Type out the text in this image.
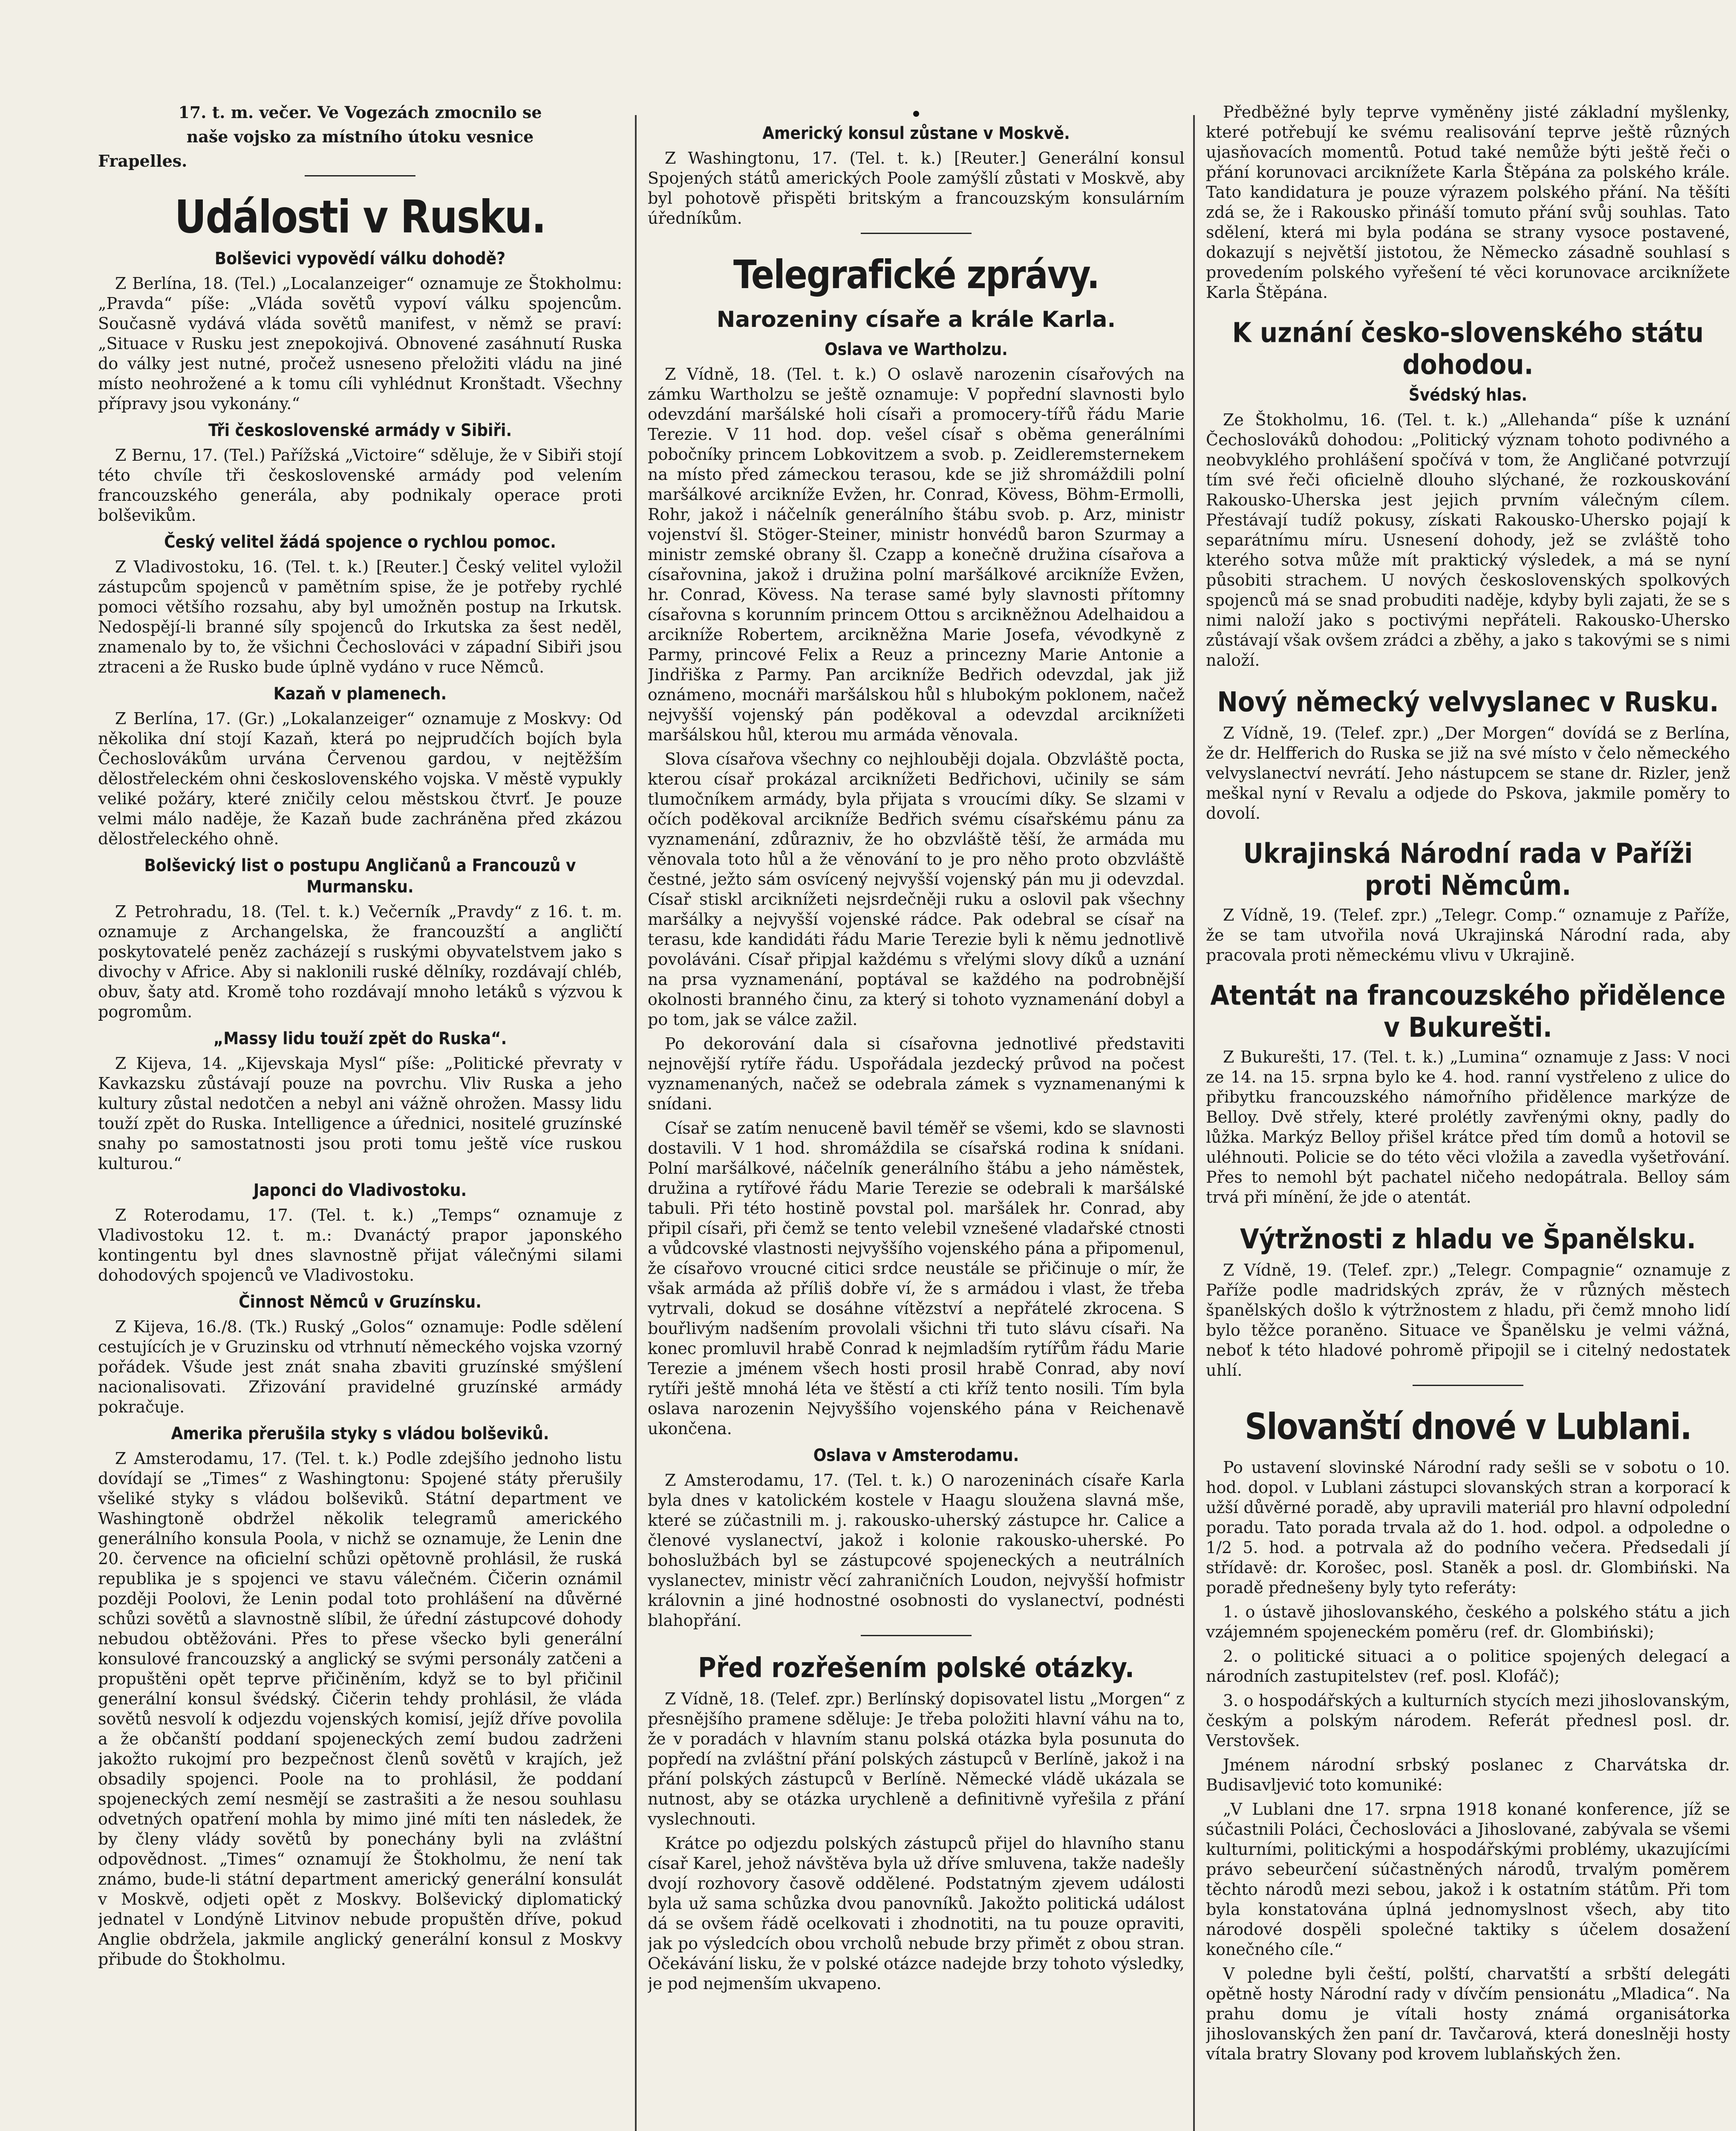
17. t. m. večer. Ve Vogezách zmocnilo se

naše vojsko za místního útoku vesnice

Frapelles.

Události v Rusku.
Bolševici vypovědí válku dohodě?

Z Berlína, 18. (Tel.) „Localanzeiger“ oznamuje ze Štokholmu: „Pravda“ píše: „Vláda sovětů vypoví válku spojencům. Současně vydává vláda sovětů manifest, v němž se praví: „Situace v Rusku jest znepokojivá. Obnovené zasáhnutí Ruska do války jest nutné, pročež usneseno přeložiti vládu na jiné místo neohrožené a k tomu cíli vyhlédnut Kronštadt. Všechny přípravy jsou vykonány.“

Tři československé armády v Sibiři.

Z Bernu, 17. (Tel.) Pařížská „Victoire“ sděluje, že v Sibiři stojí této chvíle tři československé armády pod velením francouzského generála, aby podnikaly operace proti bolševikům.

Český velitel žádá spojence o rychlou pomoc.

Z Vladivostoku, 16. (Tel. t. k.) [Reuter.] Český velitel vyložil zástupcům spojenců v pamětním spise, že je potřeby rychlé pomoci většího rozsahu, aby byl umožněn postup na Irkutsk. Nedospějí-li branné síly spojenců do Irkutska za šest neděl, znamenalo by to, že všichni Čechoslováci v západní Sibiři jsou ztraceni a že Rusko bude úplně vydáno v ruce Němců.

Kazaň v plamenech.

Z Berlína, 17. (Gr.) „Lokalanzeiger“ oznamuje z Moskvy: Od několika dní stojí Kazaň, která po nejprudčích bojích byla Čechoslovákům urvána Červenou gardou, v nejtěžším dělostřeleckém ohni československého vojska. V městě vypukly veliké požáry, které zničily celou městskou čtvrť. Je pouze velmi málo naděje, že Kazaň bude zachráněna před zkázou dělostřeleckého ohně.

Bolševický list o postupu Angličanů a Francouzů v Murmansku.

Z Petrohradu, 18. (Tel. t. k.) Večerník „Pravdy“ z 16. t. m. oznamuje z Archangelska, že francouzští a angličtí poskytovatelé peněz zacházejí s ruskými obyvatelstvem jako s divochy v Africe. Aby si naklonili ruské dělníky, rozdávají chléb, obuv, šaty atd. Kromě toho rozdávají mnoho letáků s výzvou k pogromům.

„Massy lidu touží zpět do Ruska“.

Z Kijeva, 14. „Kijevskaja Mysl“ píše: „Politické převraty v Kavkazsku zůstávají pouze na povrchu. Vliv Ruska a jeho kultury zůstal nedotčen a nebyl ani vážně ohrožen. Massy lidu touží zpět do Ruska. Intelligence a úřednici, nositelé gruzínské snahy po samostatnosti jsou proti tomu ještě více ruskou kulturou.“

Japonci do Vladivostoku.

Z Roterodamu, 17. (Tel. t. k.) „Temps“ oznamuje z Vladivostoku 12. t. m.: Dvanáctý prapor japonského kontingentu byl dnes slavnostně přijat válečnými silami dohodových spojenců ve Vladivostoku.

Činnost Němců v Gruzínsku.

Z Kijeva, 16./8. (Tk.) Ruský „Golos“ oznamuje: Podle sdělení cestujících je v Gruzinsku od vtrhnutí německého vojska vzorný pořádek. Všude jest znát snaha zbaviti gruzínské smýšlení nacionalisovati. Zřizování pravidelné gruzínské armády pokračuje.

Amerika přerušila styky s vládou bolševiků.

Z Amsterodamu, 17. (Tel. t. k.) Podle zdejšího jednoho listu dovídají se „Times“ z Washingtonu: Spojené státy přerušily všeliké styky s vládou bolševiků. Státní department ve Washingtoně obdržel několik telegramů amerického generálního konsula Poola, v nichž se oznamuje, že Lenin dne 20. července na oficielní schůzi opětovně prohlásil, že ruská republika je s spojenci ve stavu válečném. Čičerin oznámil později Poolovi, že Lenin podal toto prohlášení na důvěrné schůzi sovětů a slavnostně slíbil, že úřední zástupcové dohody nebudou obtěžováni. Přes to přese všecko byli generální konsulové francouzský a anglický se svými personály zatčeni a propuštěni opět teprve přičiněním, když se to byl přičinil generální konsul švédský. Čičerin tehdy prohlásil, že vláda sovětů nesvolí k odjezdu vojenských komisí, jejíž dříve povolila a že občanští poddaní spojeneckých zemí budou zadrženi jakožto rukojmí pro bezpečnost členů sovětů v krajích, jež obsadily spojenci. Poole na to prohlásil, že poddaní spojeneckých zemí nesmějí se zastrašiti a že nesou souhlasu odvetných opatření mohla by mimo jiné míti ten následek, že by členy vlády sovětů by ponechány byli na zvláštní odpovědnost. „Times“ oznamují že Štokholmu, že není tak známo, bude-li státní department americký generální konsulát v Moskvě, odjeti opět z Moskvy. Bolševický diplomatický jednatel v Londýně Litvinov nebude propuštěn dříve, pokud Anglie obdržela, jakmile anglický generální konsul z Moskvy přibude do Štokholmu.

Americký konsul zůstane v Moskvě.

Z Washingtonu, 17. (Tel. t. k.) [Reuter.] Generální konsul Spojených států amerických Poole zamýšlí zůstati v Moskvě, aby byl pohotově přispěti britským a francouzským konsulárním úředníkům.

Telegrafické zprávy.
Narozeniny císaře a krále Karla.
Oslava ve Wartholzu.

Z Vídně, 18. (Tel. t. k.) O oslavě narozenin císařových na zámku Wartholzu se ještě oznamuje: V popřední slavnosti bylo odevzdání maršálské holi císaři a promocery-tířů řádu Marie Terezie. V 11 hod. dop. vešel císař s oběma generálními pobočníky princem Lobkovitzem a svob. p. Zeidleremsternekem na místo před zámeckou terasou, kde se již shromáždili polní maršálkové arcikníže Evžen, hr. Conrad, Kövess, Böhm-Ermolli, Rohr, jakož i náčelník generálního štábu svob. p. Arz, ministr vojenství šl. Stöger-Steiner, ministr honvédů baron Szurmay a ministr zemské obrany šl. Czapp a konečně družina císařova a císařovnina, jakož i družina polní maršálkové arcikníže Evžen, hr. Conrad, Kövess. Na terase samé byly slavnosti přítomny císařovna s korunním princem Ottou s arcikněžnou Adelhaidou a arcikníže Robertem, arcikněžna Marie Josefa, vévodkyně z Parmy, princové Felix a Reuz a princezny Marie Antonie a Jindřiška z Parmy. Pan arcikníže Bedřich odevzdal, jak již oznámeno, mocnáři maršálskou hůl s hlubokým poklonem, načež nejvyšší vojenský pán poděkoval a odevzdal arciknížeti maršálskou hůl, kterou mu armáda věnovala.

Slova císařova všechny co nejhlouběji dojala. Obzvláště pocta, kterou císař prokázal arciknížeti Bedřichovi, učinily se sám tlumočníkem armády, byla přijata s vroucími díky. Se slzami v očích poděkoval arcikníže Bedřich svému císařskému pánu za vyznamenání, zdůrazniv, že ho obzvláště těší, že armáda mu věnovala toto hůl a že věnování to je pro něho proto obzvláště čestné, ježto sám osvícený nejvyšší vojenský pán mu ji odevzdal. Císař stiskl arciknížeti nejsrdečněji ruku a oslovil pak všechny maršálky a nejvyšší vojenské rádce. Pak odebral se císař na terasu, kde kandidáti řádu Marie Terezie byli k němu jednotlivě povoláváni. Císař připjal každému s vřelými slovy díků a uznání na prsa vyznamenání, poptával se každého na podrobnější okolnosti branného činu, za který si tohoto vyznamenání dobyl a po tom, jak se válce zažil.

Po dekorování dala si císařovna jednotlivé představiti nejnovější rytíře řádu. Uspořádala jezdecký průvod na počest vyznamenaných, načež se odebrala zámek s vyznamenanými k snídani.

Císař se zatím nenuceně bavil téměř se všemi, kdo se slavnosti dostavili. V 1 hod. shromáždila se císařská rodina k snídani. Polní maršálkové, náčelník generálního štábu a jeho náměstek, družina a rytířové řádu Marie Terezie se odebrali k maršálské tabuli. Při této hostině povstal pol. maršálek hr. Conrad, aby připil císaři, při čemž se tento velebil vznešené vladařské ctnosti a vůdcovské vlastnosti nejvyššího vojenského pána a připomenul, že císařovo vroucné citici srdce neustále se přičinuje o mír, že však armáda až příliš dobře ví, že s armádou i vlast, že třeba vytrvali, dokud se dosáhne vítězství a nepřátelé zkrocena. S bouřlivým nadšením provolali všichni tři tuto slávu císaři. Na konec promluvil hrabě Conrad k nejmladším rytířům řádu Marie Terezie a jménem všech hosti prosil hrabě Conrad, aby noví rytíři ještě mnohá léta ve štěstí a cti kříž tento nosili. Tím byla oslava narozenin Nejvyššího vojenského pána v Reichenavě ukončena.

Oslava v Amsterodamu.

Z Amsterodamu, 17. (Tel. t. k.) O narozeninách císaře Karla byla dnes v katolickém kostele v Haagu sloužena slavná mše, které se zúčastnili m. j. rakousko-uherský zástupce hr. Calice a členové vyslanectví, jakož i kolonie rakousko-uherské. Po bohoslužbách byl se zástupcové spojeneckých a neutrálních vyslanectev, ministr věcí zahraničních Loudon, nejvyšší hofmistr královnin a jiné hodnostné osobnosti do vyslanectví, podnésti blahopřání.

Před rozřešením polské otázky.

Z Vídně, 18. (Telef. zpr.) Berlínský dopisovatel listu „Morgen“ z přesnějšího pramene sděluje: Je třeba položiti hlavní váhu na to, že v poradách v hlavním stanu polská otázka byla posunuta do popředí na zvláštní přání polských zástupců v Berlíně, jakož i na přání polských zástupců v Berlíně. Německé vládě ukázala se nutnost, aby se otázka urychleně a definitivně vyřešila z přání vyslechnouti.

Krátce po odjezdu polských zástupců přijel do hlavního stanu císař Karel, jehož návštěva byla už dříve smluvena, takže nadešly dvojí rozhovory časově oddělené. Podstatným zjevem události byla už sama schůzka dvou panovníků. Jakožto politická událost dá se ovšem řádě ocelkovati i zhodnotiti, na tu pouze opraviti, jak po výsledcích obou vrcholů nebude brzy přimět z obou stran. Očekávání lisku, že v polské otázce nadejde brzy tohoto výsledky, je pod nejmenším ukvapeno.

Předběžné byly teprve vyměněny jisté základní myšlenky, které potřebují ke svému realisování teprve ještě různých ujasňovacích momentů. Potud také nemůže býti ještě řeči o přání korunovaci arciknížete Karla Štěpána za polského krále. Tato kandidatura je pouze výrazem polského přání. Na těšíti zdá se, že i Rakousko přináší tomuto přání svůj souhlas. Tato sdělení, která mi byla podána se strany vysoce postavené, dokazují s největší jistotou, že Německo zásadně souhlasí s provedením polského vyřešení té věci korunovace arciknížete Karla Štěpána.

K uznání česko-slovenského státu dohodou.
Švédský hlas.

Ze Štokholmu, 16. (Tel. t. k.) „Allehanda“ píše k uznání Čechoslováků dohodou: „Politický význam tohoto podivného a neobvyklého prohlášení spočívá v tom, že Angličané potvrzují tím své řeči oficielně dlouho slýchané, že rozkouskování Rakousko-Uherska jest jejich prvním válečným cílem. Přestávají tudíž pokusy, získati Rakousko-Uhersko pojají k separátnímu míru. Usnesení dohody, jež se zvláště toho kterého sotva může mít praktický výsledek, a má se nyní působiti strachem. U nových československých spolkových spojenců má se snad probuditi naděje, kdyby byli zajati, že se s nimi naloží jako s poctivými nepřáteli. Rakousko-Uhersko zůstávají však ovšem zrádci a zběhy, a jako s takovými se s nimi naloží.

Nový německý velvyslanec v Rusku.

Z Vídně, 19. (Telef. zpr.) „Der Morgen“ dovídá se z Berlína, že dr. Helfferich do Ruska se již na své místo v čelo německého velvyslanectví nevrátí. Jeho nástupcem se stane dr. Rizler, jenž meškal nyní v Revalu a odjede do Pskova, jakmile poměry to dovolí.

Ukrajinská Národní rada v Paříži proti Němcům.

Z Vídně, 19. (Telef. zpr.) „Telegr. Comp.“ oznamuje z Paříže, že se tam utvořila nová Ukrajinská Národní rada, aby pracovala proti německému vlivu v Ukrajině.

Atentát na francouzského přidělence v Bukurešti.

Z Bukurešti, 17. (Tel. t. k.) „Lumina“ oznamuje z Jass: V noci ze 14. na 15. srpna bylo ke 4. hod. ranní vystřeleno z ulice do přibytku francouzského námořního přidělence markýze de Belloy. Dvě střely, které prolétly zavřenými okny, padly do lůžka. Markýz Belloy přišel krátce před tím domů a hotovil se uléhnouti. Policie se do této věci vložila a zavedla vyšetřování. Přes to nemohl být pachatel ničeho nedopátrala. Belloy sám trvá při mínění, že jde o atentát.

Výtržnosti z hladu ve Španělsku.

Z Vídně, 19. (Telef. zpr.) „Telegr. Compagnie“ oznamuje z Paříže podle madridských zpráv, že v různých městech španělských došlo k výtržnostem z hladu, při čemž mnoho lidí bylo těžce poraněno. Situace ve Španělsku je velmi vážná, neboť k této hladové pohromě připojil se i citelný nedostatek uhlí.

Slovanští dnové v Lublani.

Po ustavení slovinské Národní rady sešli se v sobotu o 10. hod. dopol. v Lublani zástupci slovanských stran a korporací k užší důvěrné poradě, aby upravili materiál pro hlavní odpolední poradu. Tato porada trvala až do 1. hod. odpol. a odpoledne o 1/2 5. hod. a potrvala až do podního večera. Předsedali jí střídavě: dr. Korošec, posl. Staněk a posl. dr. Glombiński. Na poradě přednešeny byly tyto referáty:

1. o ústavě jihoslovanského, českého a polského státu a jich vzájemném spojeneckém poměru (ref. dr. Glombiński);

2. o politické situaci a o politice spojených delegací a národních zastupitelstev (ref. posl. Klofáč);

3. o hospodářských a kulturních stycích mezi jihoslovanským, českým a polským národem. Referát přednesl posl. dr. Verstovšek.

Jménem národní srbský poslanec z Charvátska dr. Budisavljević toto komuniké:

„V Lublani dne 17. srpna 1918 konané konference, jíž se súčastnili Poláci, Čechoslováci a Jihoslované, zabývala se všemi kulturními, politickými a hospodářskými problémy, ukazujícími právo sebeurčení súčastněných národů, trvalým poměrem těchto národů mezi sebou, jakož i k ostatním státům. Při tom byla konstatována úplná jednomyslnost všech, aby tito národové dospěli společné taktiky s účelem dosažení konečného cíle.“

V poledne byli čeští, polští, charvatští a srbští delegáti opětně hosty Národní rady v dívčím pensionátu „Mladica“. Na prahu domu je vítali hosty známá organisátorka jihoslovanských žen paní dr. Tavčarová, která doneslněji hosty vítala bratry Slovany pod krovem lublaňských žen.
